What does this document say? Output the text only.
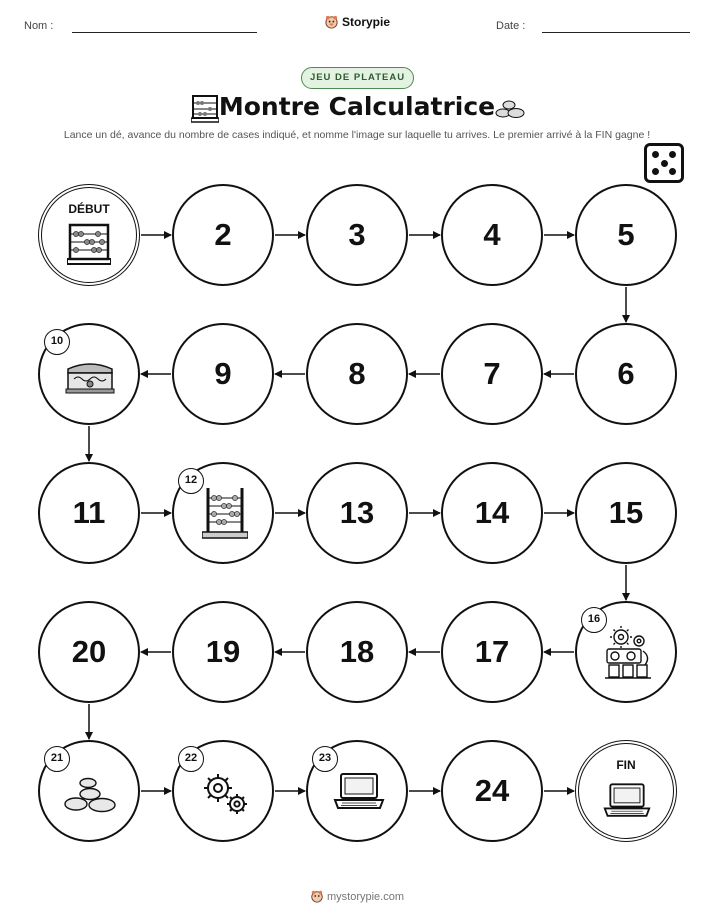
Nom :	Storypie	Date :
JEU DE PLATEAU
Montre Calculatrice
Lance un dé, avance du nombre de cases indiqué, et nomme l'image sur laquelle tu arrives. Le premier arrivé à la FIN gagne !
DÉBUT
2	3	4	5
10
9	8	7	6
11
12
13	14	15
20	19	18	17
16
21	22	23
24
FIN
mystorypie.com
